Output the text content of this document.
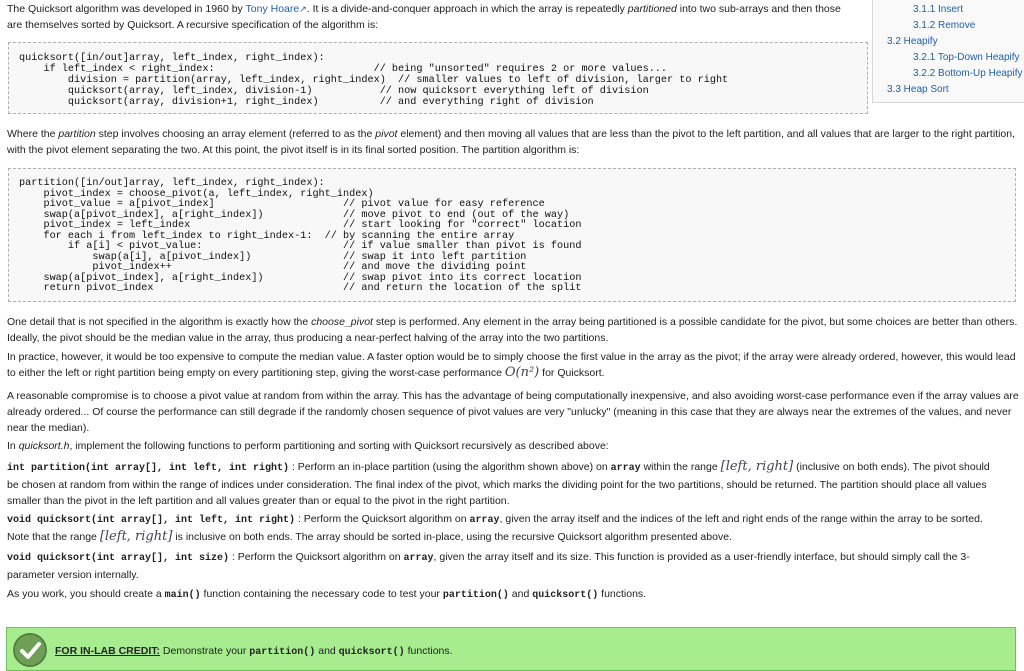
The Quicksort algorithm was developed in 1960 by Tony Hoare↗. It is a divide-and-conquer approach in which the array is repeatedly partitioned into two sub-arrays and then those

are themselves sorted by Quicksort. A recursive specification of the algorithm is:

3.1.1 Insert
3.1.2 Remove
3.2 Heapify
3.2.1 Top-Down Heapify
3.2.2 Bottom-Up Heapify
3.3 Heap Sort
quicksort([in/out]array, left_index, right_index):
if left_index < right_index:                          // being "unsorted" requires 2 or more values...
division = partition(array, left_index, right_index)  // smaller values to left of division, larger to right
quicksort(array, left_index, division-1)           // now quicksort everything left of division
quicksort(array, division+1, right_index)          // and everything right of division

Where the partition step involves choosing an array element (referred to as the pivot element) and then moving all values that are less than the pivot to the left partition, and all values that are larger to the right partition,

with the pivot element separating the two. At this point, the pivot itself is in its final sorted position. The partition algorithm is:

partition([in/out]array, left_index, right_index):
pivot_index = choose_pivot(a, left_index, right_index)
pivot_value = a[pivot_index]                     // pivot value for easy reference
swap(a[pivot_index], a[right_index])             // move pivot to end (out of the way)
pivot_index = left_index                         // start looking for "correct" location
for each i from left_index to right_index-1:  // by scanning the entire array
if a[i] < pivot_value:                       // if value smaller than pivot is found
swap(a[i], a[pivot_index])               // swap it into left partition
pivot_index++                            // and move the dividing point
swap(a[pivot_index], a[right_index])             // swap pivot into its correct location
return pivot_index                               // and return the location of the split

One detail that is not specified in the algorithm is exactly how the choose_pivot step is performed. Any element in the array being partitioned is a possible candidate for the pivot, but some choices are better than others.

Ideally, the pivot should be the median value in the array, thus producing a near-perfect halving of the array into the two partitions.

In practice, however, it would be too expensive to compute the median value. A faster option would be to simply choose the first value in the array as the pivot; if the array were already ordered, however, this would lead

to either the left or right partition being empty on every partitioning step, giving the worst-case performance O(n²) for Quicksort.

A reasonable compromise is to choose a pivot value at random from within the array. This has the advantage of being computationally inexpensive, and also avoiding worst-case performance even if the array values are

already ordered... Of course the performance can still degrade if the randomly chosen sequence of pivot values are very "unlucky" (meaning in this case that they are always near the extremes of the values, and never

near the median).

In quicksort.h, implement the following functions to perform partitioning and sorting with Quicksort recursively as described above:

int partition(int array[], int left, int right) : Perform an in-place partition (using the algorithm shown above) on array within the range [left, right] (inclusive on both ends). The pivot should

be chosen at random from within the range of indices under consideration. The final index of the pivot, which marks the dividing point for the two partitions, should be returned. The partition should place all values

smaller than the pivot in the left partition and all values greater than or equal to the pivot in the right partition.

void quicksort(int array[], int left, int right) : Perform the Quicksort algorithm on array, given the array itself and the indices of the left and right ends of the range within the array to be sorted.

Note that the range [left, right] is inclusive on both ends. The array should be sorted in-place, using the recursive Quicksort algorithm presented above.

void quicksort(int array[], int size) : Perform the Quicksort algorithm on array, given the array itself and its size. This function is provided as a user-friendly interface, but should simply call the 3-

parameter version internally.

As you work, you should create a main() function containing the necessary code to test your partition() and quicksort() functions.

FOR IN-LAB CREDIT: Demonstrate your partition() and quicksort() functions.
